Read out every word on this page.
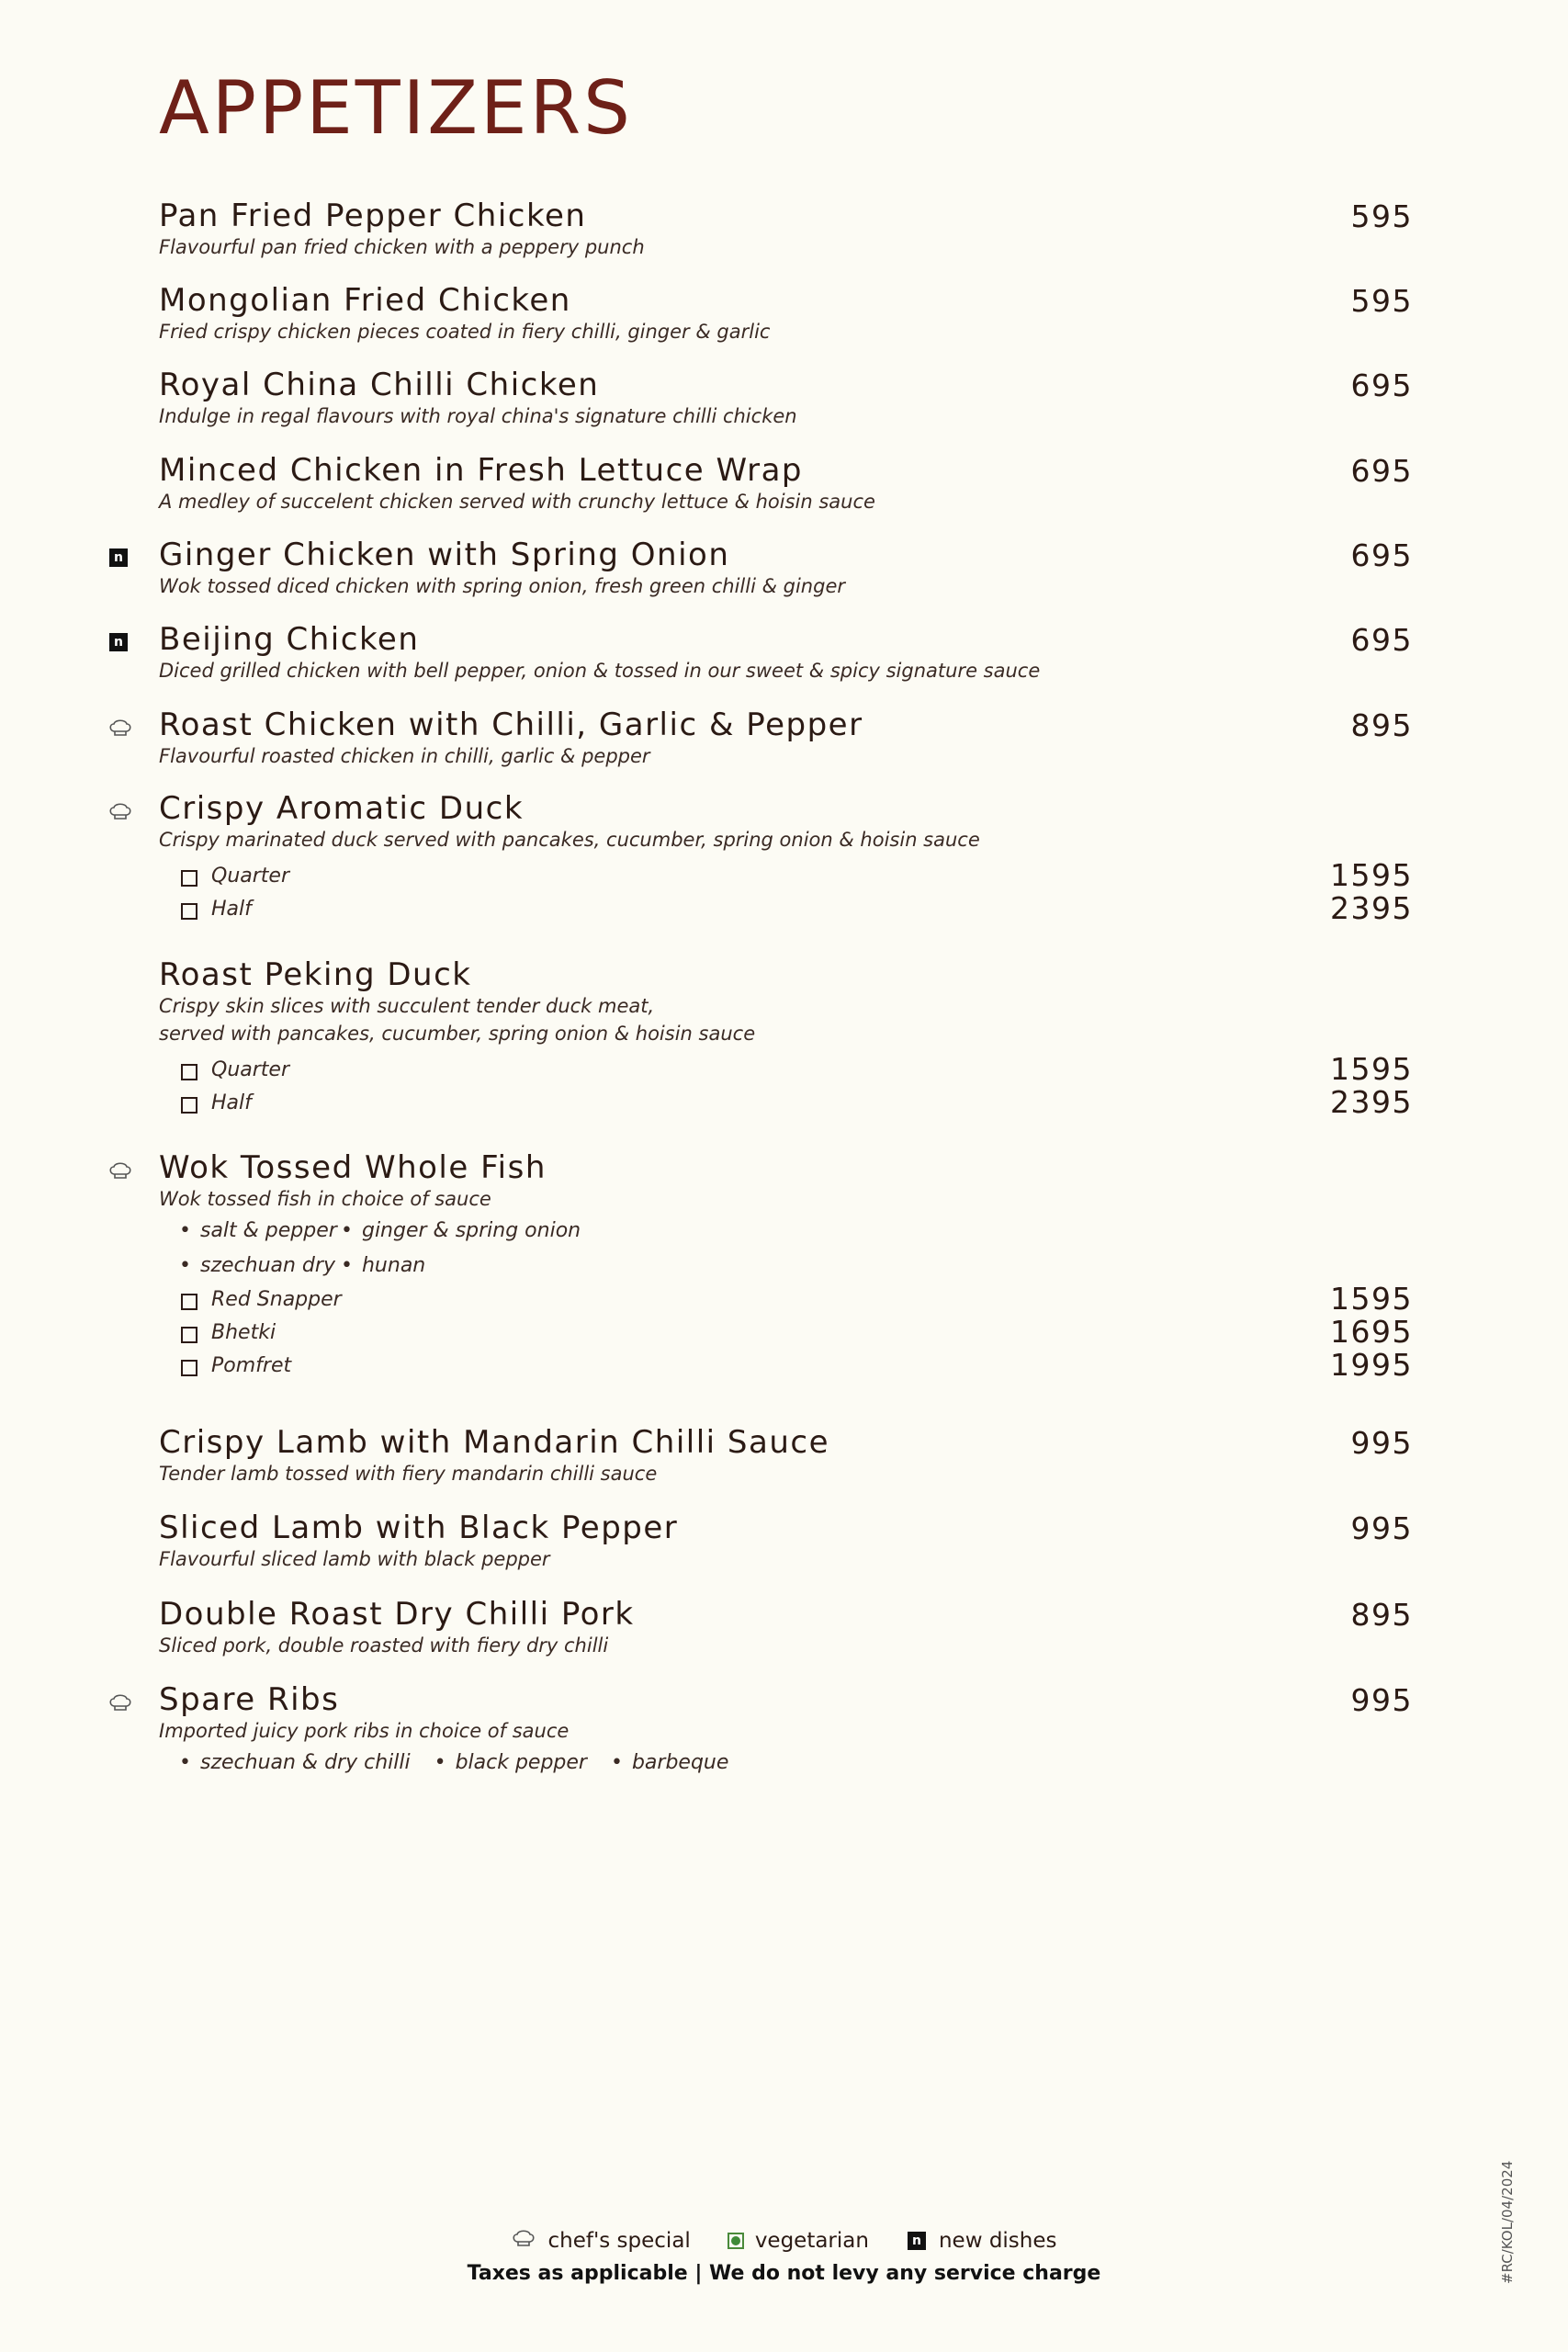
APPETIZERS
Pan Fried Pepper Chicken
Flavourful pan fried chicken with a peppery punch
595
Mongolian Fried Chicken
Fried crispy chicken pieces coated in fiery chilli, ginger & garlic
595
Royal China Chilli Chicken
Indulge in regal flavours with royal china's signature chilli chicken
695
Minced Chicken in Fresh Lettuce Wrap
A medley of succelent chicken served with crunchy lettuce & hoisin sauce
695
n Ginger Chicken with Spring Onion
Wok tossed diced chicken with spring onion, fresh green chilli & ginger
695
n Beijing Chicken
Diced grilled chicken with bell pepper, onion & tossed in our sweet & spicy signature sauce
695
Roast Chicken with Chilli, Garlic & Pepper
Flavourful roasted chicken in chilli, garlic & pepper
895
Crispy Aromatic Duck
Crispy marinated duck served with pancakes, cucumber, spring onion & hoisin sauce
Quarter	1595
Half	2395
Roast Peking Duck
Crispy skin slices with succulent tender duck meat,
served with pancakes, cucumber, spring onion & hoisin sauce
Quarter	1595
Half	2395
Wok Tossed Whole Fish
Wok tossed fish in choice of sauce
• salt & pepper	• ginger & spring onion
• szechuan dry	• hunan
Red Snapper	1595
Bhetki	1695
Pomfret	1995
Crispy Lamb with Mandarin Chilli Sauce
Tender lamb tossed with fiery mandarin chilli sauce
995
Sliced Lamb with Black Pepper
Flavourful sliced lamb with black pepper
995
Double Roast Dry Chilli Pork
Sliced pork, double roasted with fiery dry chilli
895
Spare Ribs
Imported juicy pork ribs in choice of sauce
995
• szechuan & dry chilli	• black pepper	• barbeque
chef's special	vegetarian	n new dishes
Taxes as applicable | We do not levy any service charge	#RC/KOL/04/2024
